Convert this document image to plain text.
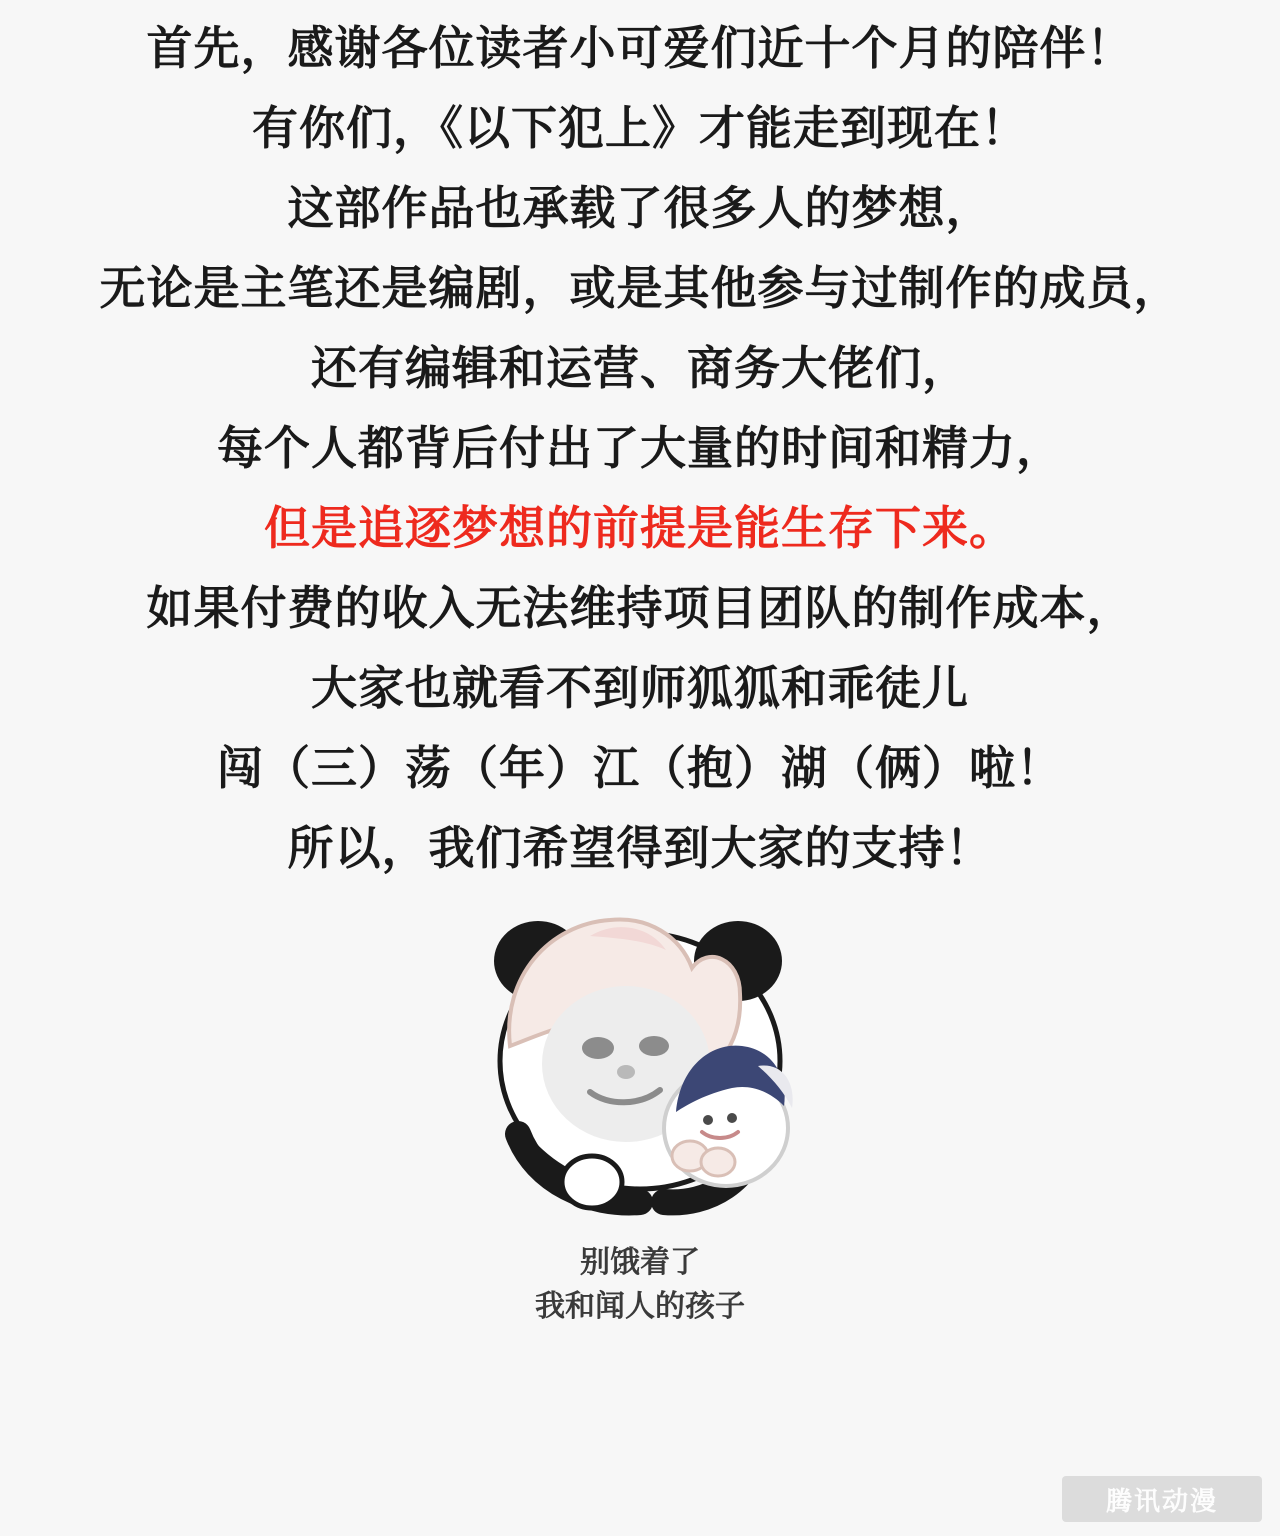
首先，感谢各位读者小可爱们近十个月的陪伴！
有你们，《以下犯上》才能走到现在！
这部作品也承载了很多人的梦想，
无论是主笔还是编剧，或是其他参与过制作的成员，
还有编辑和运营、商务大佬们，
每个人都背后付出了大量的时间和精力，
但是追逐梦想的前提是能生存下来。
如果付费的收入无法维持项目团队的制作成本，
大家也就看不到师狐狐和乖徒儿
闯（三）荡（年）江（抱）湖（俩）啦！
所以，我们希望得到大家的支持！
别饿着了
我和闻人的孩子
腾讯动漫
